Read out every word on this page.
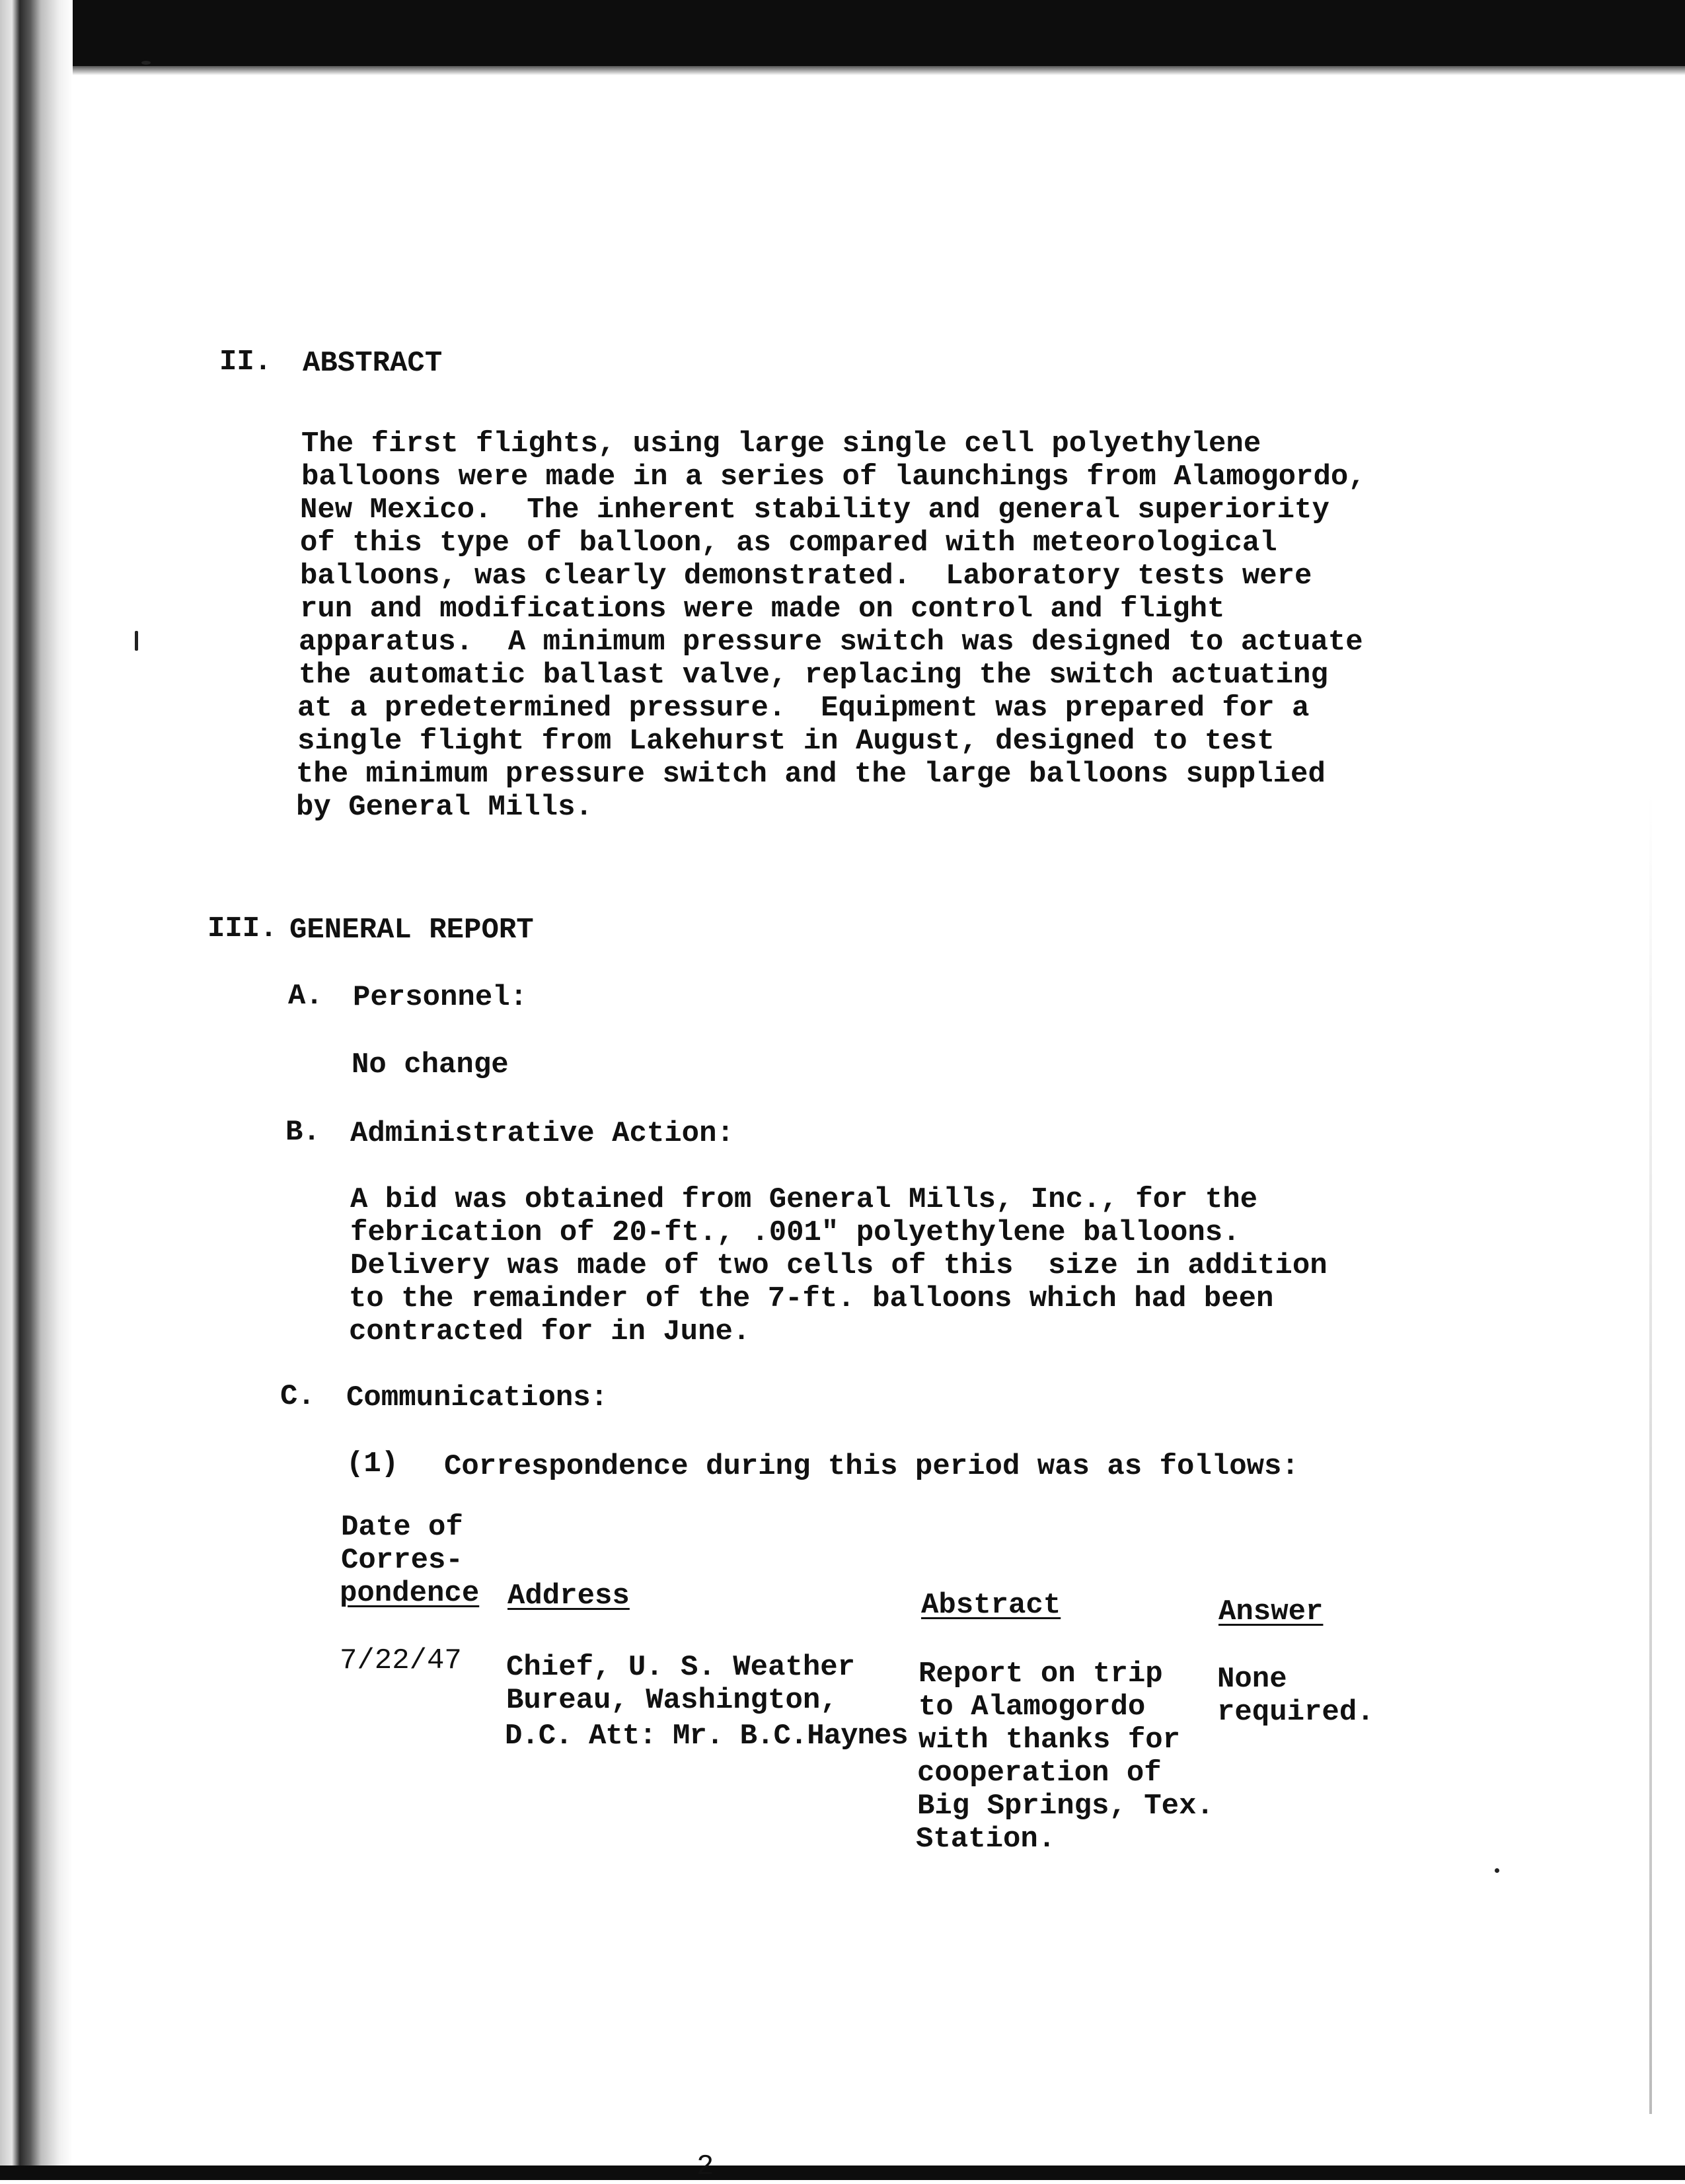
II. ABSTRACT
The first flights, using large single cell polyethylene
balloons were made in a series of launchings from Alamogordo,
New Mexico.  The inherent stability and general superiority
of this type of balloon, as compared with meteorological
balloons, was clearly demonstrated.  Laboratory tests were
run and modifications were made on control and flight
apparatus.  A minimum pressure switch was designed to actuate
the automatic ballast valve, replacing the switch actuating
at a predetermined pressure.  Equipment was prepared for a
single flight from Lakehurst in August, designed to test
the minimum pressure switch and the large balloons supplied
by General Mills.
III. GENERAL REPORT
A. Personnel:
No change
B. Administrative Action:
A bid was obtained from General Mills, Inc., for the
febrication of 20-ft., .001" polyethylene balloons.
Delivery was made of two cells of this  size in addition
to the remainder of the 7-ft. balloons which had been
contracted for in June.
C. Communications:
(1) Correspondence during this period was as follows:
Date of
Corres-
pondence Address	Abstract	Answer
7/22/47 Chief, U. S. Weather
Bureau, Washington,
D.C. Att: Mr. B.C.Haynes
Report on trip
to Alamogordo
with thanks for
cooperation of
Big Springs, Tex.
Station.
None
required.
2
